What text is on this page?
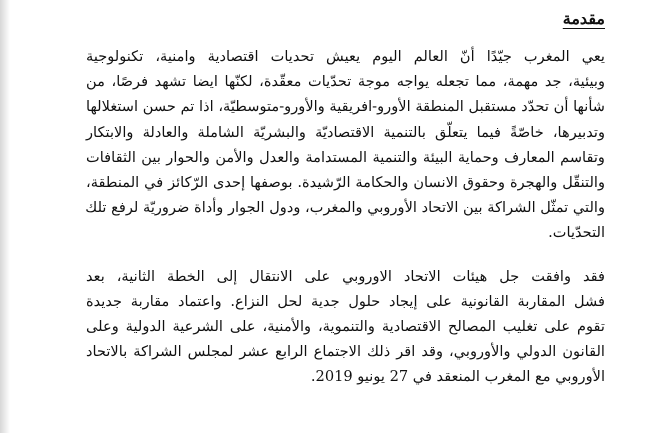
مقدمة
يعي المغرب جيّدًا أنّ العالم اليوم يعيش تحديات اقتصادية وامنية، تكنولوجية
وبيئية، جد مهمة، مما تجعله يواجه موجة تحدّيات معقّدة، لكنّها ايضا تشهد فرصًا، من
شأنها أن تحدّد مستقبل المنطقة الأورو-افريقية والأورو-متوسطيّة، اذا تم حسن استغلالها
وتدبيرها، خاصّةً فيما يتعلّق بالتنمية الاقتصاديّة والبشريّة الشاملة والعادلة والابتكار
وتقاسم المعارف وحماية البيئة والتنمية المستدامة والعدل والأمن والحوار بين الثقافات
والتنقّل والهجرة وحقوق الانسان والحكامة الرّشيدة. بوصفها إحدى الرّكائز في المنطقة،
والتي تمثّل الشراكة بين الاتحاد الأوروبي والمغرب، ودول الجوار وأداة ضروريّة لرفع تلك
التحدّيات.
فقد وافقت جل هيئات الاتحاد الاوروبي على الانتقال إلى الخطة الثانية، بعد
فشل المقاربة القانونية على إيجاد حلول جدية لحل النزاع. واعتماد مقاربة جديدة
تقوم على تغليب المصالح الاقتصادية والتنموية، والأمنية، على الشرعية الدولية وعلى
القانون الدولي والأوروبي، وقد اقر ذلك الاجتماع الرابع عشر لمجلس الشراكة بالاتحاد
الأوروبي مع المغرب المنعقد في 27 يونيو 2019.
